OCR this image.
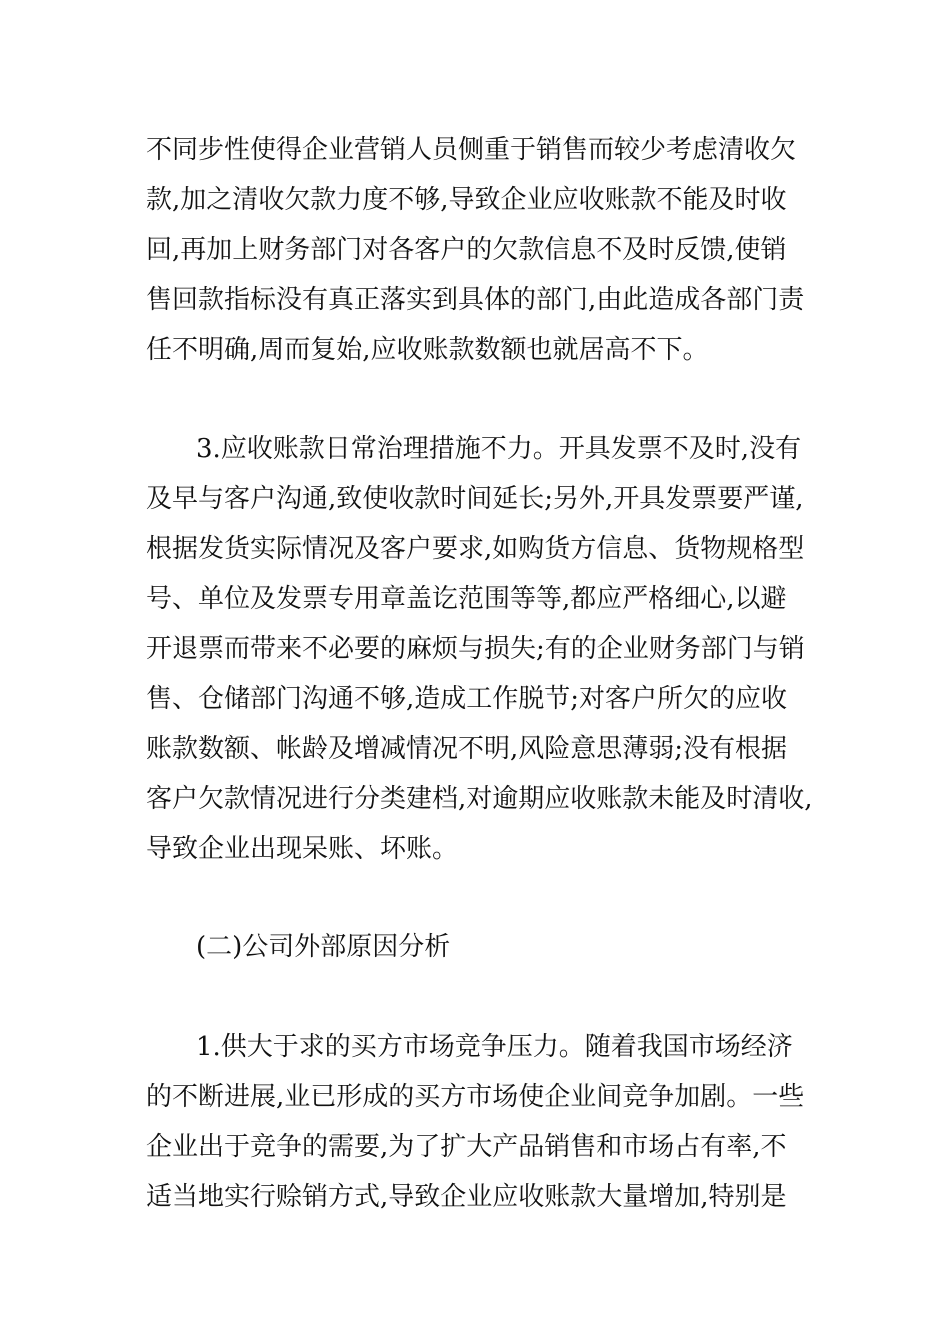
不同步性使得企业营销人员侧重于销售而较少考虑清收欠
款,加之清收欠款力度不够,导致企业应收账款不能及时收
回,再加上财务部门对各客户的欠款信息不及时反馈,使销
售回款指标没有真正落实到具体的部门,由此造成各部门责
任不明确,周而复始,应收账款数额也就居高不下。
3.应收账款日常治理措施不力。开具发票不及时,没有
及早与客户沟通,致使收款时间延长;另外,开具发票要严谨,
根据发货实际情况及客户要求,如购货方信息、货物规格型
号、单位及发票专用章盖讫范围等等,都应严格细心,以避
开退票而带来不必要的麻烦与损失;有的企业财务部门与销
售、仓储部门沟通不够,造成工作脱节;对客户所欠的应收
账款数额、帐龄及增减情况不明,风险意思薄弱;没有根据
客户欠款情况进行分类建档,对逾期应收账款未能及时清收,
导致企业出现呆账、坏账。
(二)公司外部原因分析
1.供大于求的买方市场竞争压力。随着我国市场经济
的不断进展,业已形成的买方市场使企业间竞争加剧。一些
企业出于竞争的需要,为了扩大产品销售和市场占有率,不
适当地实行赊销方式,导致企业应收账款大量增加,特别是
